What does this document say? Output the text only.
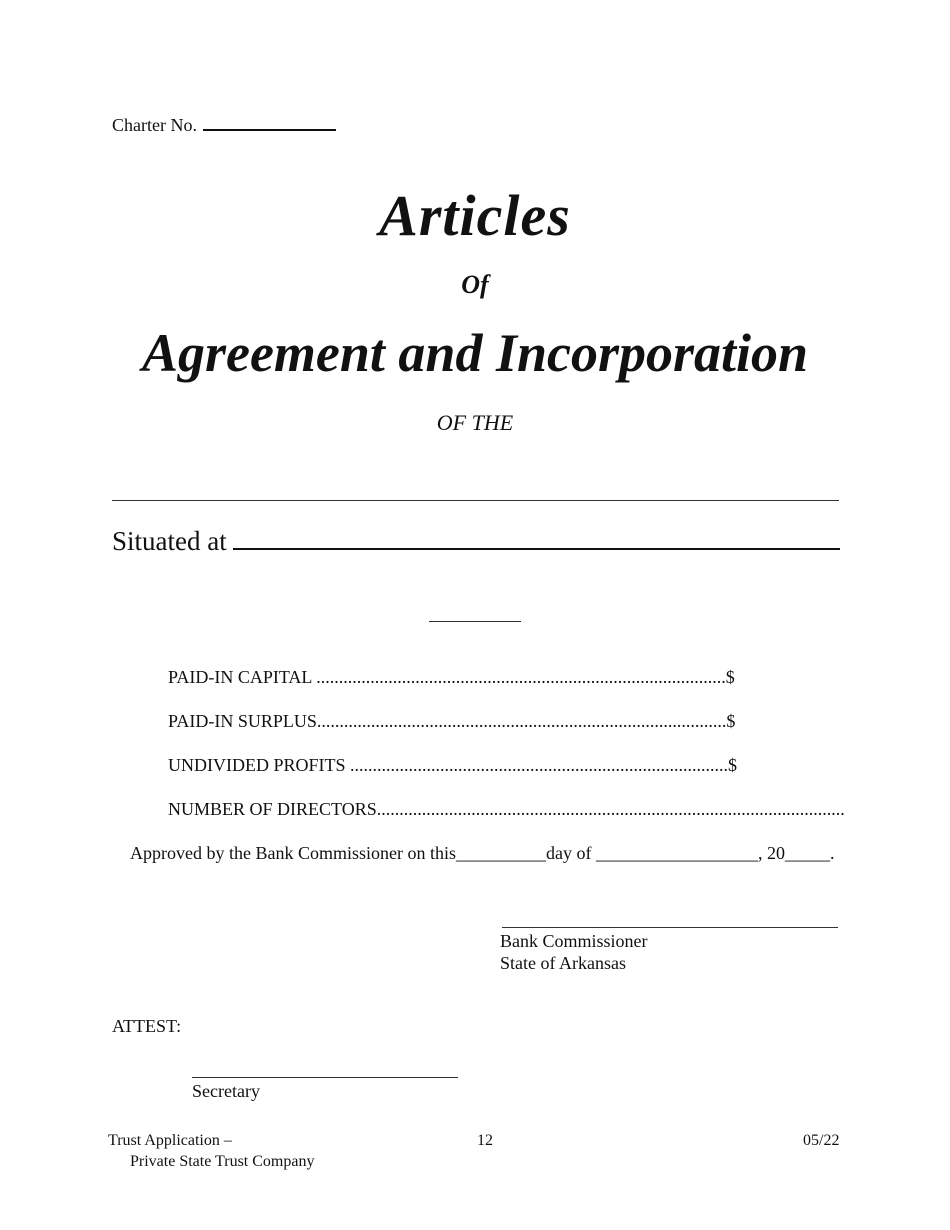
Charter No.
Articles
Of
Agreement and Incorporation
OF THE
Situated at
PAID-IN CAPITAL ...........................................................................................$
PAID-IN SURPLUS...........................................................................................$
UNDIVIDED PROFITS ....................................................................................$
NUMBER OF DIRECTORS........................................................................................................
Approved by the Bank Commissioner on this__________day of __________________, 20_____.
Bank Commissioner
State of Arkansas
ATTEST:
Secretary
Trust Application –
Private State Trust Company
12	05/22
